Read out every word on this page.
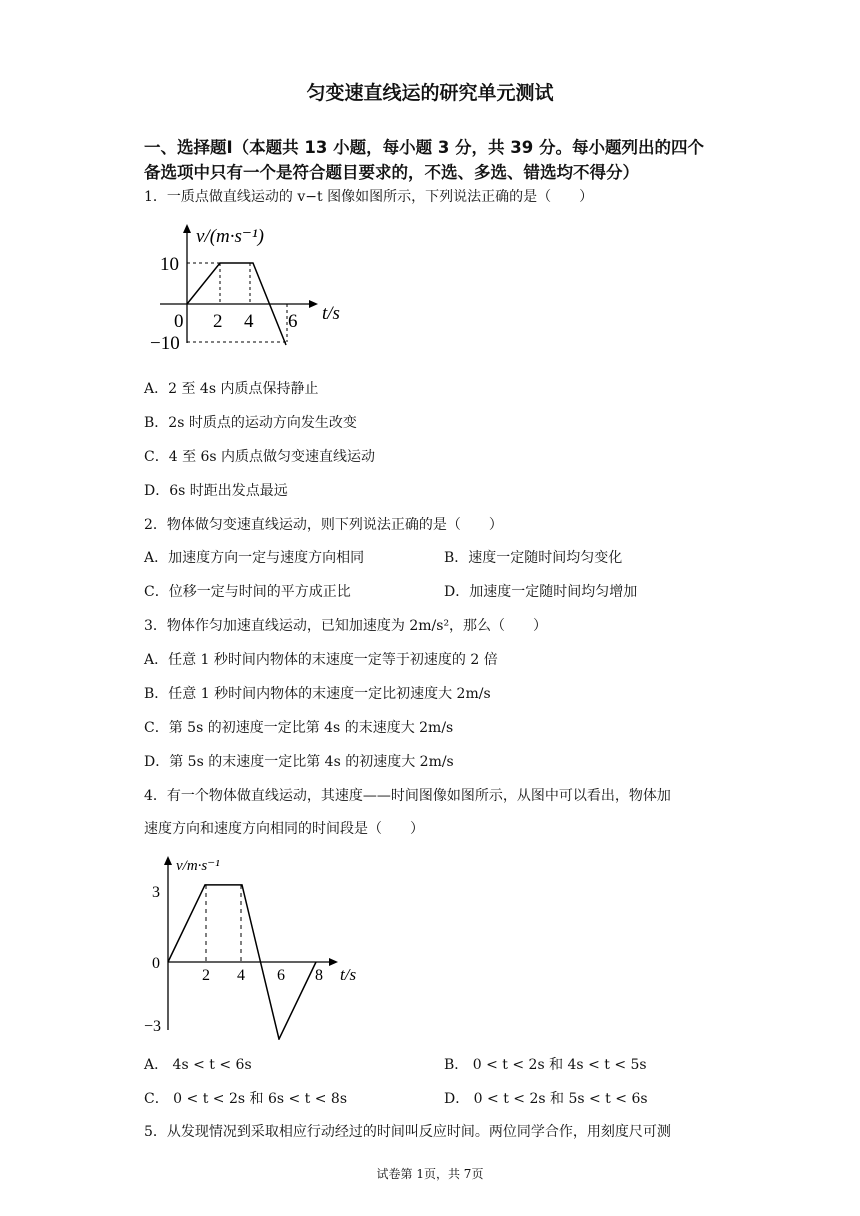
匀变速直线运的研究单元测试
一、选择题Ⅰ（本题共 13 小题，每小题 3 分，共 39 分。每小题列出的四个
备选项中只有一个是符合题目要求的，不选、多选、错选均不得分）
1．一质点做直线运动的 v−t 图像如图所示，下列说法正确的是（　　）
v/(m·s⁻¹)
t/s
0 2 4 6
10
−10
A．2 至 4s 内质点保持静止
B．2s 时质点的运动方向发生改变
C．4 至 6s 内质点做匀变速直线运动
D．6s 时距出发点最远
2．物体做匀变速直线运动，则下列说法正确的是（　　）
A．加速度方向一定与速度方向相同	B．速度一定随时间均匀变化
C．位移一定与时间的平方成正比	D．加速度一定随时间均匀增加
3．物体作匀加速直线运动，已知加速度为 2m/s²，那么（　　）
A．任意 1 秒时间内物体的末速度一定等于初速度的 2 倍
B．任意 1 秒时间内物体的末速度一定比初速度大 2m/s
C．第 5s 的初速度一定比第 4s 的末速度大 2m/s
D．第 5s 的末速度一定比第 4s 的初速度大 2m/s
4．有一个物体做直线运动，其速度——时间图像如图所示，从图中可以看出，物体加
速度方向和速度方向相同的时间段是（　　）
v/m·s⁻¹
t/s
0
2 4 6 8
3
−3
A． 4s < t < 6s	B． 0 < t < 2s 和 4s < t < 5s
C． 0 < t < 2s 和 6s < t < 8s	D． 0 < t < 2s 和 5s < t < 6s
5．从发现情况到采取相应行动经过的时间叫反应时间。两位同学合作，用刻度尺可测
试卷第 1页，共 7页
